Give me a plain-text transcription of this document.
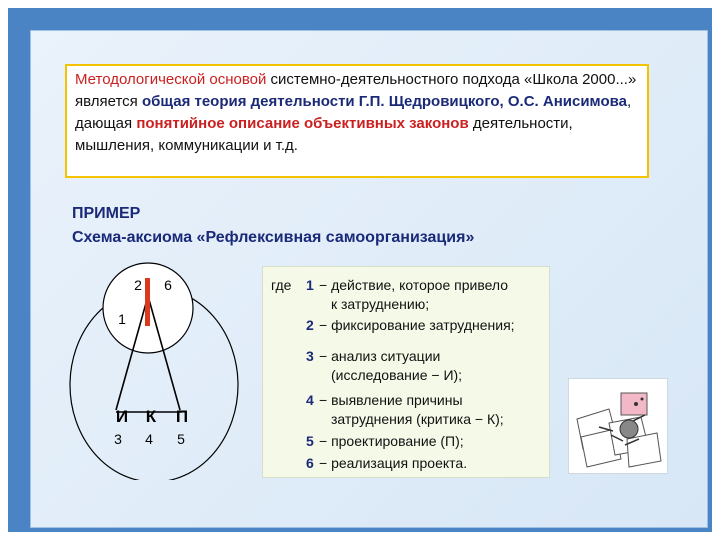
Методологической основой системно-деятельностного подхода «Школа 2000...» является общая теория деятельности Г.П. Щедровицкого, О.С. Анисимова, дающая понятийное описание объективных законов деятельности, мышления, коммуникации и т.д.
ПРИМЕР
Схема-аксиома «Рефлексивная самоорганизация»
2 6
1
И К П
3 4 5
где 1 − действие, которое привело
к затруднению;
2 − фиксирование затруднения;
3 − анализ ситуации
(исследование − И);
4 − выявление причины
затруднения (критика − К);
5 − проектирование (П);
6 − реализация проекта.
